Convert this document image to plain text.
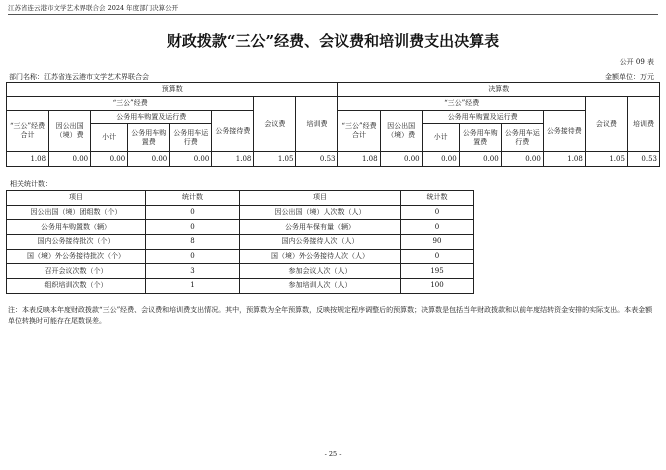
江苏省连云港市文学艺术界联合会 2024 年度部门决算公开
财政拨款“三公”经费、会议费和培训费支出决算表
公开 09 表
部门名称：江苏省连云港市文学艺术界联合会	金额单位：万元
预算数								决算数							
“三公”经费						会议费	培训费	“三公”经费						会议费	培训费
“三公”经费合计	因公出国（境）费	公务用车购置及运行费			公务接待费			“三公”经费合计	因公出国（境）费	公务用车购置及运行费			公务接待费		
		小计	公务用车购置费	公务用车运行费						小计	公务用车购置费	公务用车运行费			
1.08	0.00	0.00	0.00	0.00	1.08	1.05	0.53	1.08	0.00	0.00	0.00	0.00	1.08	1.05	0.53
相关统计数：
项目	统计数	项目	统计数
因公出国（境）团组数（个）	0	因公出国（境）人次数（人）	0
公务用车购置数（辆）	0	公务用车保有量（辆）	0
国内公务接待批次（个）	8	国内公务接待人次（人）	90
国（境）外公务接待批次（个）	0	国（境）外公务接待人次（人）	0
召开会议次数（个）	3	参加会议人次（人）	195
组织培训次数（个）	1	参加培训人次（人）	100
注：本表反映本年度财政拨款“三公”经费、会议费和培训费支出情况。其中，预算数为全年预算数，反映按规定程序调整后的预算数；决算数是包括当年财政拨款和以前年度结转资金安排的实际支出。本表金额单位转换时可能存在尾数误差。
- 25 -
